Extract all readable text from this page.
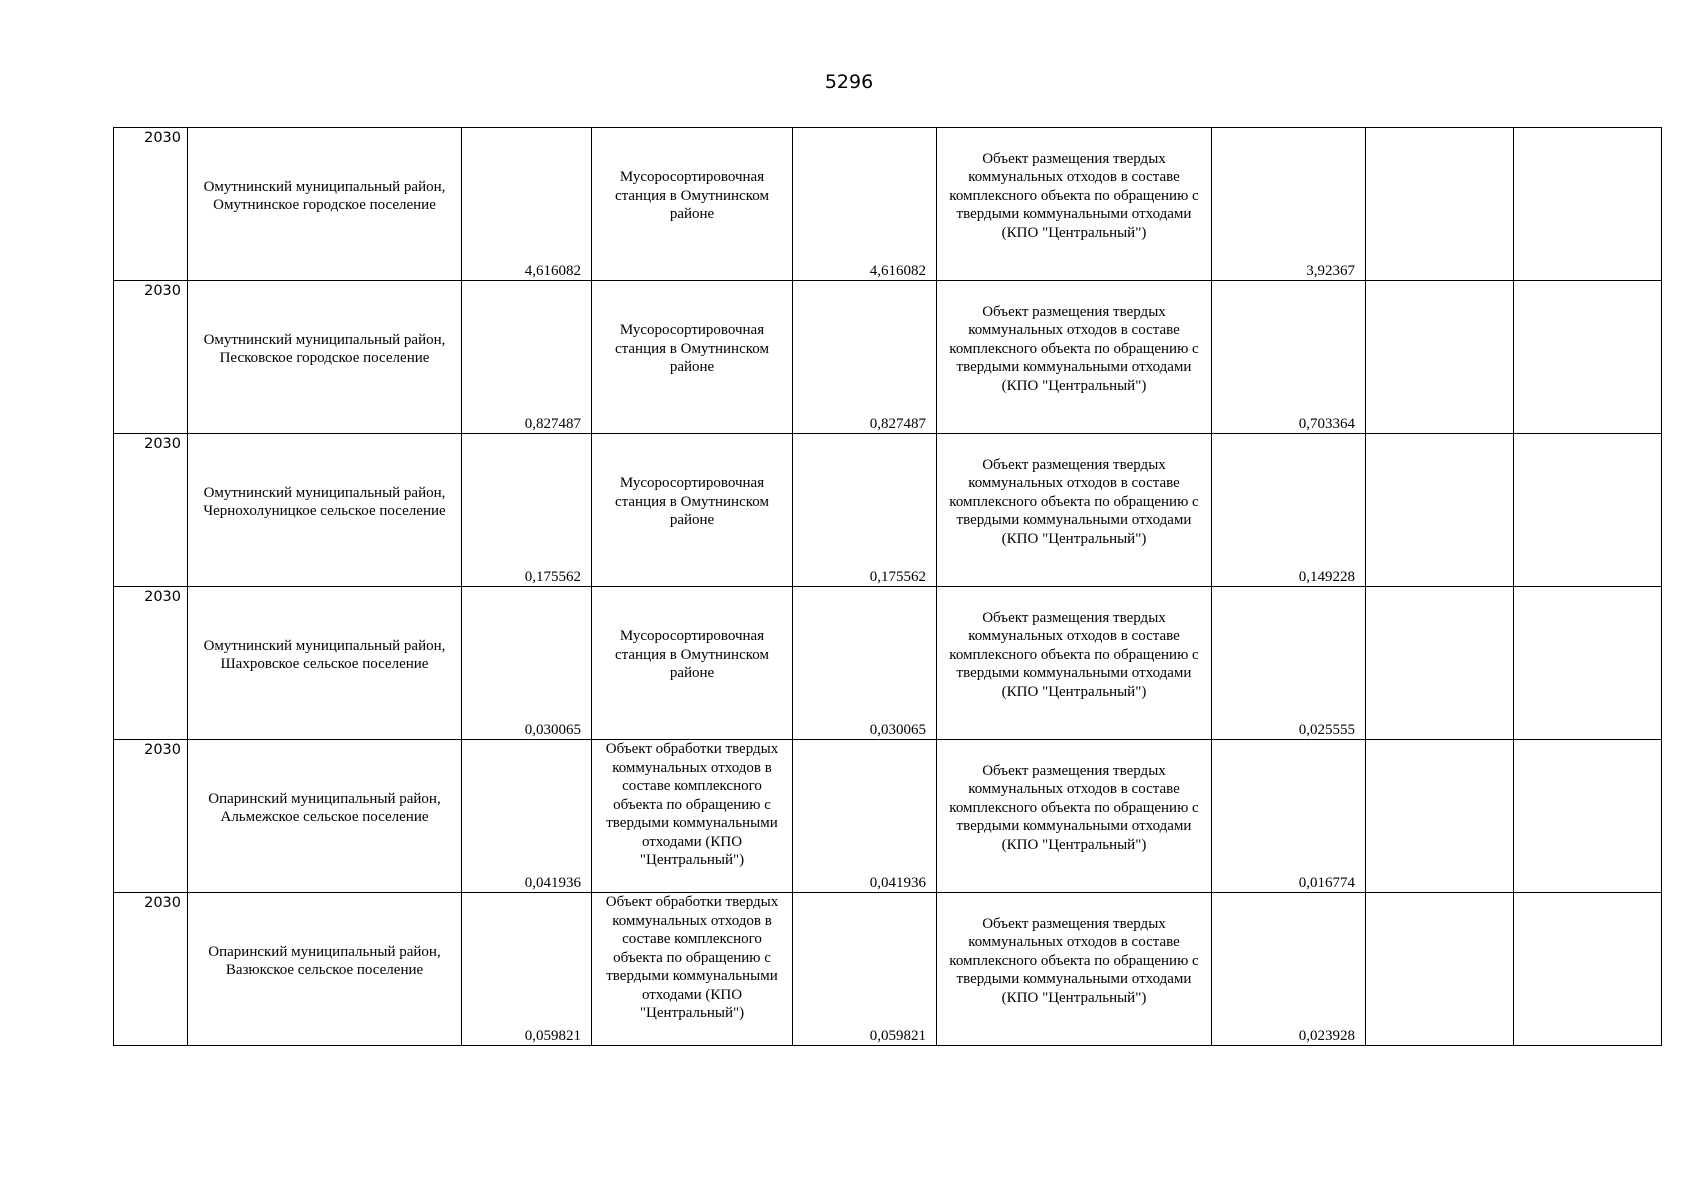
5296
2030	Омутнинский муниципальный район, Омутнинское городское поселение	4,616082	Мусоросортировочная станция в Омутнинском районе	4,616082	Объект размещения твердых коммунальных отходов в составе комплексного объекта по обращению с твердыми коммунальными отходами (КПО "Центральный")	3,92367		
2030	Омутнинский муниципальный район, Песковское городское поселение	0,827487	Мусоросортировочная станция в Омутнинском районе	0,827487	Объект размещения твердых коммунальных отходов в составе комплексного объекта по обращению с твердыми коммунальными отходами (КПО "Центральный")	0,703364		
2030	Омутнинский муниципальный район, Чернохолуницкое сельское поселение	0,175562	Мусоросортировочная станция в Омутнинском районе	0,175562	Объект размещения твердых коммунальных отходов в составе комплексного объекта по обращению с твердыми коммунальными отходами (КПО "Центральный")	0,149228		
2030	Омутнинский муниципальный район, Шахровское сельское поселение	0,030065	Мусоросортировочная станция в Омутнинском районе	0,030065	Объект размещения твердых коммунальных отходов в составе комплексного объекта по обращению с твердыми коммунальными отходами (КПО "Центральный")	0,025555		
2030	Опаринский муниципальный район, Альмежское сельское поселение	0,041936	Объект обработки твердых коммунальных отходов в составе комплексного объекта по обращению с твердыми коммунальными отходами (КПО "Центральный")	0,041936	Объект размещения твердых коммунальных отходов в составе комплексного объекта по обращению с твердыми коммунальными отходами (КПО "Центральный")	0,016774		
2030	Опаринский муниципальный район, Вазюкское сельское поселение	0,059821	Объект обработки твердых коммунальных отходов в составе комплексного объекта по обращению с твердыми коммунальными отходами (КПО "Центральный")	0,059821	Объект размещения твердых коммунальных отходов в составе комплексного объекта по обращению с твердыми коммунальными отходами (КПО "Центральный")	0,023928		
